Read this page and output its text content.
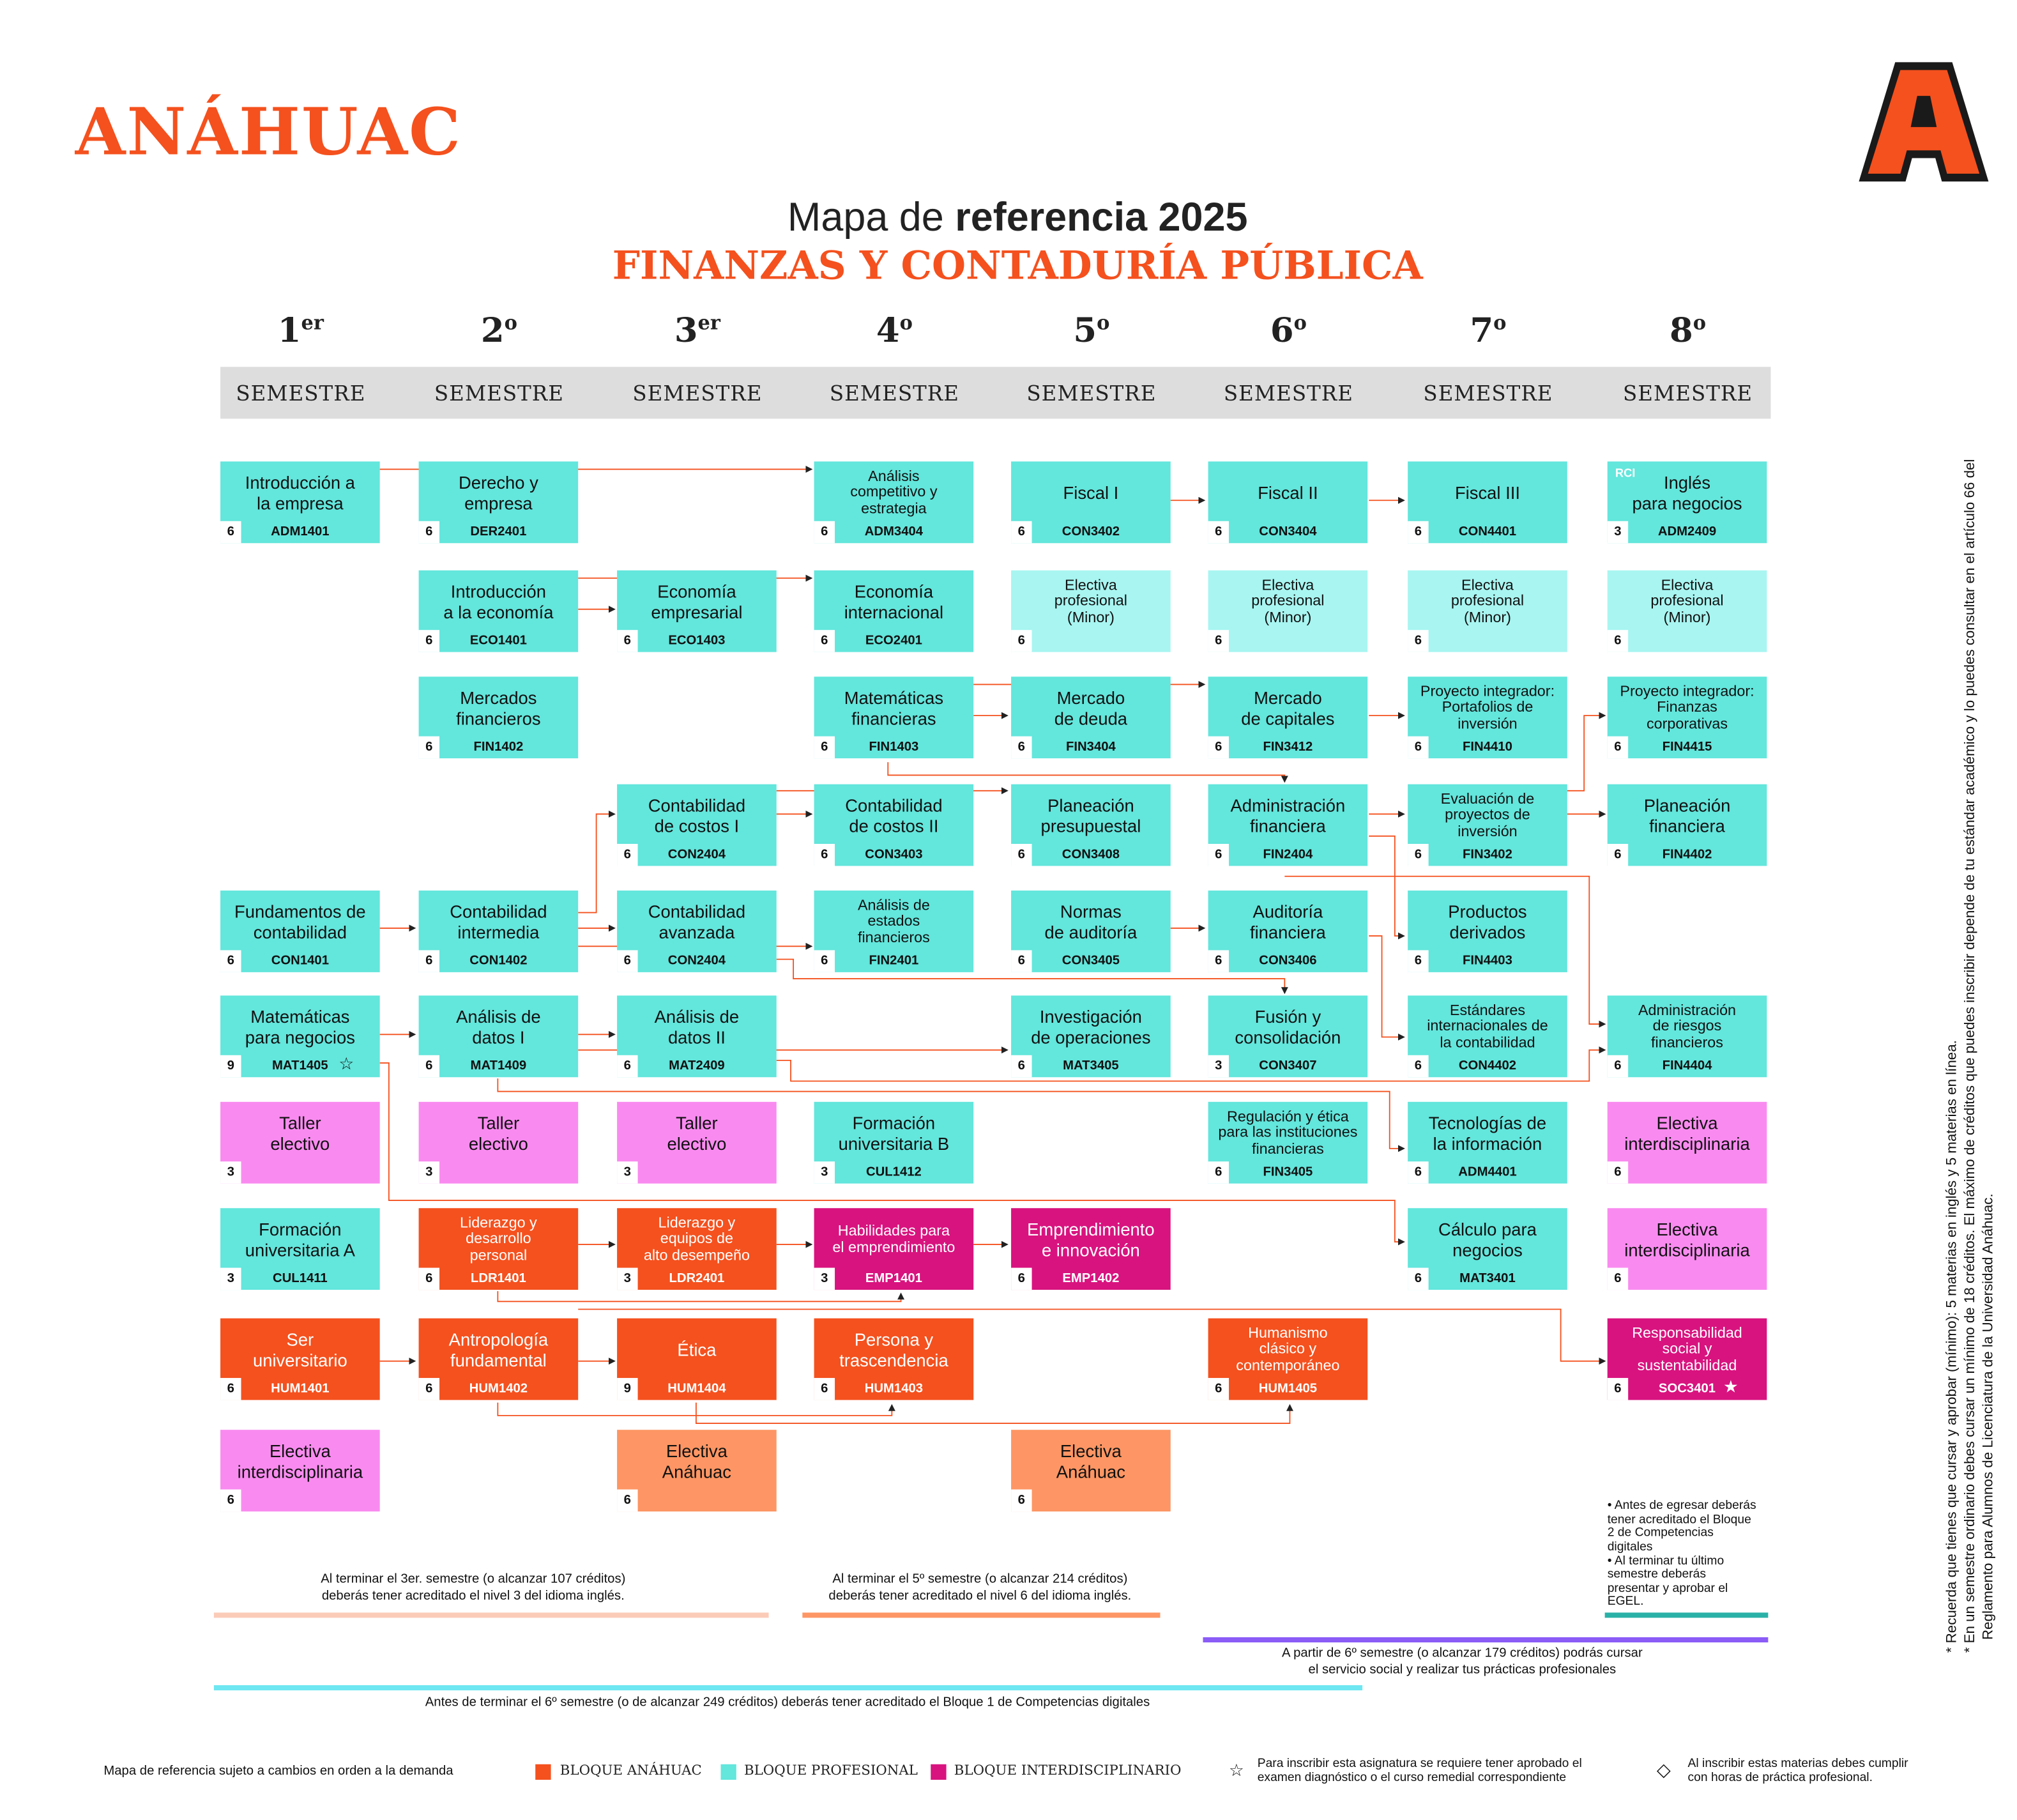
ANÁHUAC
Mapa de referencia 2025
FINANZAS Y CONTADURÍA PÚBLICA
1er	2$^o$	3er	4$^o$	5$^o$	6$^o$	7$^o$	8$^o$
SEMESTRE	SEMESTRE	SEMESTRE	SEMESTRE	SEMESTRE	SEMESTRE	SEMESTRE	SEMESTRE
Introducción a
la empresa
ADM1401
6
Fundamentos de
contabilidad
CON1401
6
Matemáticas
para negocios
MAT1405
9	☆
Taller
electivo
3
Formación
universitaria A
CUL1411
3
Ser
universitario
HUM1401
6
Electiva
interdisciplinaria
6
Derecho y
empresa
DER2401
6
Introducción
a la economía
ECO1401
6
Mercados
financieros
FIN1402
6
Contabilidad
intermedia
CON1402
6
Análisis de
datos I
MAT1409
6
Taller
electivo
3
Liderazgo y
desarrollo
personal
LDR1401
6
Antropología
fundamental
HUM1402
6
Economía
empresarial
ECO1403
6
Contabilidad
de costos I
CON2404
6
Contabilidad
avanzada
CON2404
6
Análisis de
datos II
MAT2409
6
Taller
electivo
3
Liderazgo y
equipos de
alto desempeño
LDR2401
3
Ética
HUM1404
9
Electiva
Anáhuac
6
Análisis
competitivo y
estrategia
ADM3404
6
Economía
internacional
ECO2401
6
Matemáticas
financieras
FIN1403
6
Contabilidad
de costos II
CON3403
6
Análisis de
estados
financieros
FIN2401
6
Formación
universitaria B
CUL1412
3
Habilidades para
el emprendimiento
EMP1401
3
Persona y
trascendencia
HUM1403
6
Fiscal I
CON3402
6
Electiva
profesional
(Minor)
6
Mercado
de deuda
FIN3404
6
Planeación
presupuestal
CON3408
6
Normas
de auditoría
CON3405
6
Investigación
de operaciones
MAT3405
6
Emprendimiento
e innovación
EMP1402
6
Electiva
Anáhuac
6
Fiscal II
CON3404
6
Electiva
profesional
(Minor)
6
Mercado
de capitales
FIN3412
6
Administración
financiera
FIN2404
6
Auditoría
financiera
CON3406
6
Fusión y
consolidación
CON3407
3
Regulación y ética
para las instituciones
financieras
FIN3405
6
Humanismo
clásico y
contemporáneo
HUM1405
6
Fiscal III
CON4401
6
Electiva
profesional
(Minor)
6
Proyecto integrador:
Portafolios de
inversión
FIN4410
6
Evaluación de
proyectos de
inversión
FIN3402
6
Productos
derivados
FIN4403
6
Estándares
internacionales de
la contabilidad
CON4402
6
Tecnologías de
la información
ADM4401
6
Cálculo para
negocios
MAT3401
6
Inglés
para negocios
ADM2409
3
RCI
Electiva
profesional
(Minor)
6
Proyecto integrador:
Finanzas
corporativas
FIN4415
6
Planeación
financiera
FIN4402
6
Administración
de riesgos
financieros
FIN4404
6
Electiva
interdisciplinaria
6
Electiva
interdisciplinaria
6
Responsabilidad
social y
sustentabilidad
SOC3401
6	★
Al terminar el 3er. semestre (o alcanzar 107 créditos)
deberás tener acreditado el nivel 3 del idioma inglés.
Al terminar el 5º semestre (o alcanzar 214 créditos)
deberás tener acreditado el nivel 6 del idioma inglés.
A partir de 6º semestre (o alcanzar 179 créditos) podrás cursar
el servicio social y realizar tus prácticas profesionales
Antes de terminar el 6º semestre (o de alcanzar 249 créditos) deberás tener acreditado el Bloque 1 de Competencias digitales
• Antes de egresar deberás
tener acreditado el Bloque
2 de Competencias
digitales
• Al terminar tu último
semestre deberás
presentar y aprobar el
EGEL.	* Recuerda que tienes que cursar y aprobar (mínimo): 5 materias en inglés y 5 materias en línea. * En un semestre ordinario debes cursar un mínimo de 18 créditos. El máximo de créditos que puedes inscribir depende de tu estándar académico y lo puedes consultar en el artículo 66 del Reglamento para Alumnos de Licenciatura de la Universidad Anáhuac.
Mapa de referencia sujeto a cambios en orden a la demanda	BLOQUE ANÁHUAC	BLOQUE PROFESIONAL	BLOQUE INTERDISCIPLINARIO	☆ Para inscribir esta asignatura se requiere tener aprobado el
examen diagnóstico o el curso remedial correspondiente	◇	Al inscribir estas materias debes cumplir
con horas de práctica profesional.
